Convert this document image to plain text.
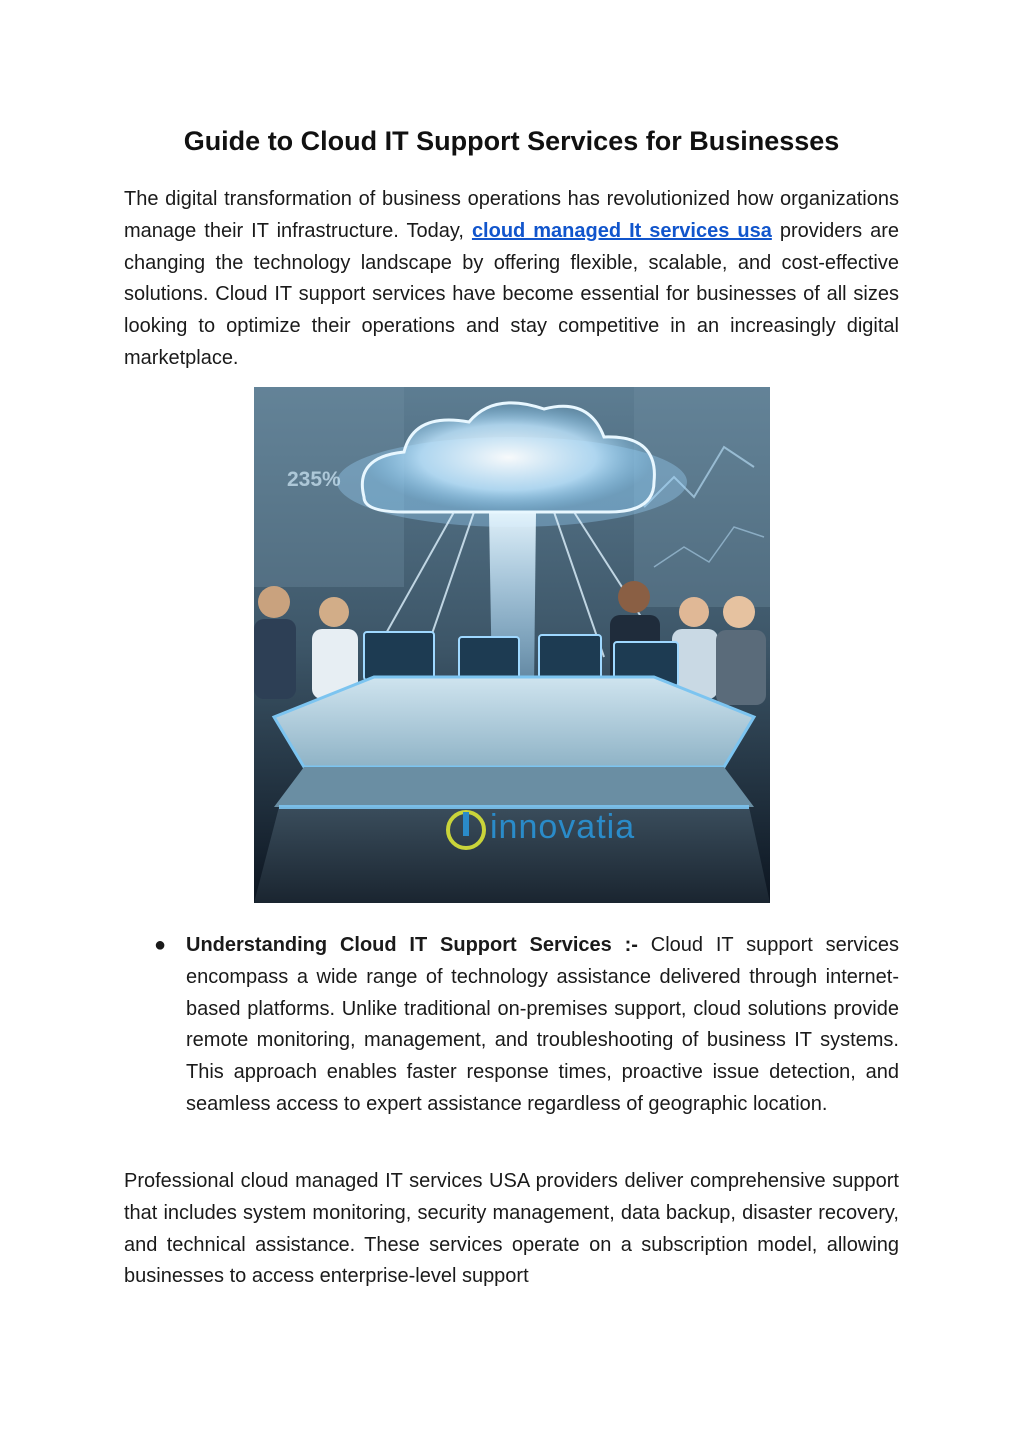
Guide to Cloud IT Support Services for Businesses

The digital transformation of business operations has revolutionized how organizations manage their IT infrastructure. Today, cloud managed It services usa providers are changing the technology landscape by offering flexible, scalable, and cost-effective solutions. Cloud IT support services have become essential for businesses of all sizes looking to optimize their operations and stay competitive in an increasingly digital marketplace.

235%
innovatia
● Understanding Cloud IT Support Services :- Cloud IT support services encompass a wide range of technology assistance delivered through internet-based platforms. Unlike traditional on-premises support, cloud solutions provide remote monitoring, management, and troubleshooting of business IT systems. This approach enables faster response times, proactive issue detection, and seamless access to expert assistance regardless of geographic location.

Professional cloud managed IT services USA providers deliver comprehensive support that includes system monitoring, security management, data backup, disaster recovery, and technical assistance. These services operate on a subscription model, allowing businesses to access enterprise-level support
